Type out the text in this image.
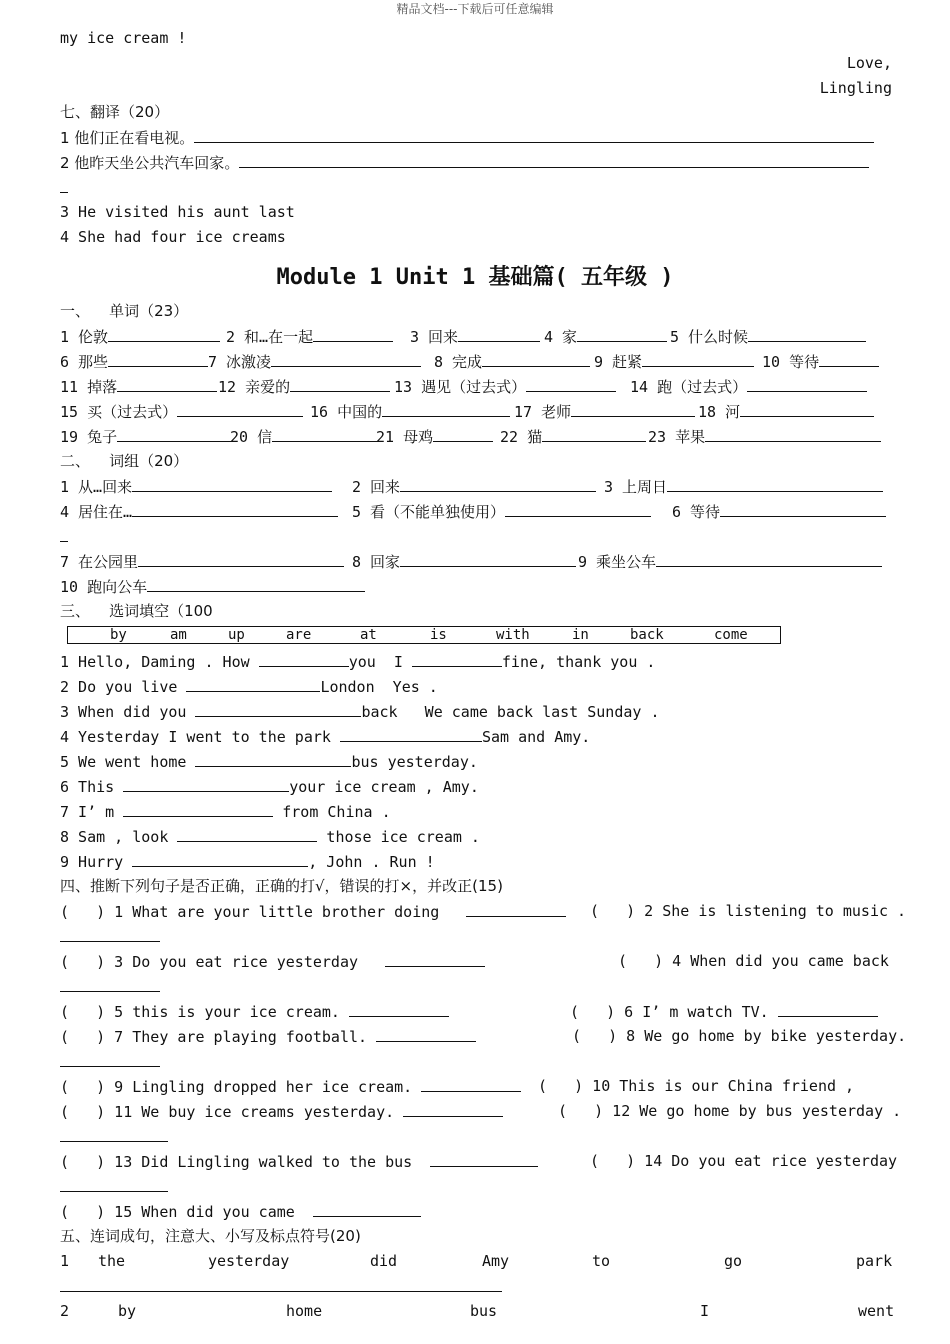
精品文档---下载后可任意编辑
my ice cream !
Love,
Lingling
七、翻译（20）
1 他们正在看电视。
2 他昨天坐公共汽车回家。
3 He visited his aunt last
4 She had four ice creams
Module 1 Unit 1 基础篇( 五年级 )
一、    单词（23）
1 伦敦	2 和…在一起	3 回来	4 家	5 什么时候
6 那些	7 冰激凌	8 完成	9 赶紧	10 等待
11 掉落	12 亲爱的	13 遇见（过去式）	14 跑（过去式）
15 买（过去式）	16 中国的	17 老师	18 河
19 兔子	20 信	21 母鸡	22 猫	23 苹果
二、    词组（20）
1 从…回来	2 回来	3 上周日
4 居住在…	5 看（不能单独使用）	6 等待
7 在公园里	8 回家	9 乘坐公车
10 跑向公车
三、    选词填空（100
by	am	up	are	at	is	with	in	back	come
1 Hello, Daming . How	you  I	fine, thank you .
2 Do you live	London  Yes .
3 When did you	back   We came back last Sunday .
4 Yesterday I went to the park	Sam and Amy.
5 We went home	bus yesterday.
6 This	your ice cream , Amy.
7 I’ m	from China .
8 Sam , look	those ice cream .
9 Hurry	, John . Run !
四、推断下列句子是否正确，正确的打√，错误的打×，并改正(15)
(   ) 1 What are your little brother doing	(   ) 2 She is listening to music .
(   ) 3 Do you eat rice yesterday	(   ) 4 When did you came back
(   ) 5 this is your ice cream.	(   ) 6 I’ m watch TV.
(   ) 7 They are playing football.	(   ) 8 We go home by bike yesterday.
(   ) 9 Lingling dropped her ice cream.	(   ) 10 This is our China friend ,
(   ) 11 We buy ice creams yesterday.	(   ) 12 We go home by bus yesterday .
(   ) 13 Did Lingling walked to the bus	(   ) 14 Do you eat rice yesterday
(   ) 15 When did you came
五、连词成句，注意大、小写及标点符号(20)
1 the	yesterday	did	Amy	to	go	park
2	by	home	bus	I	went
